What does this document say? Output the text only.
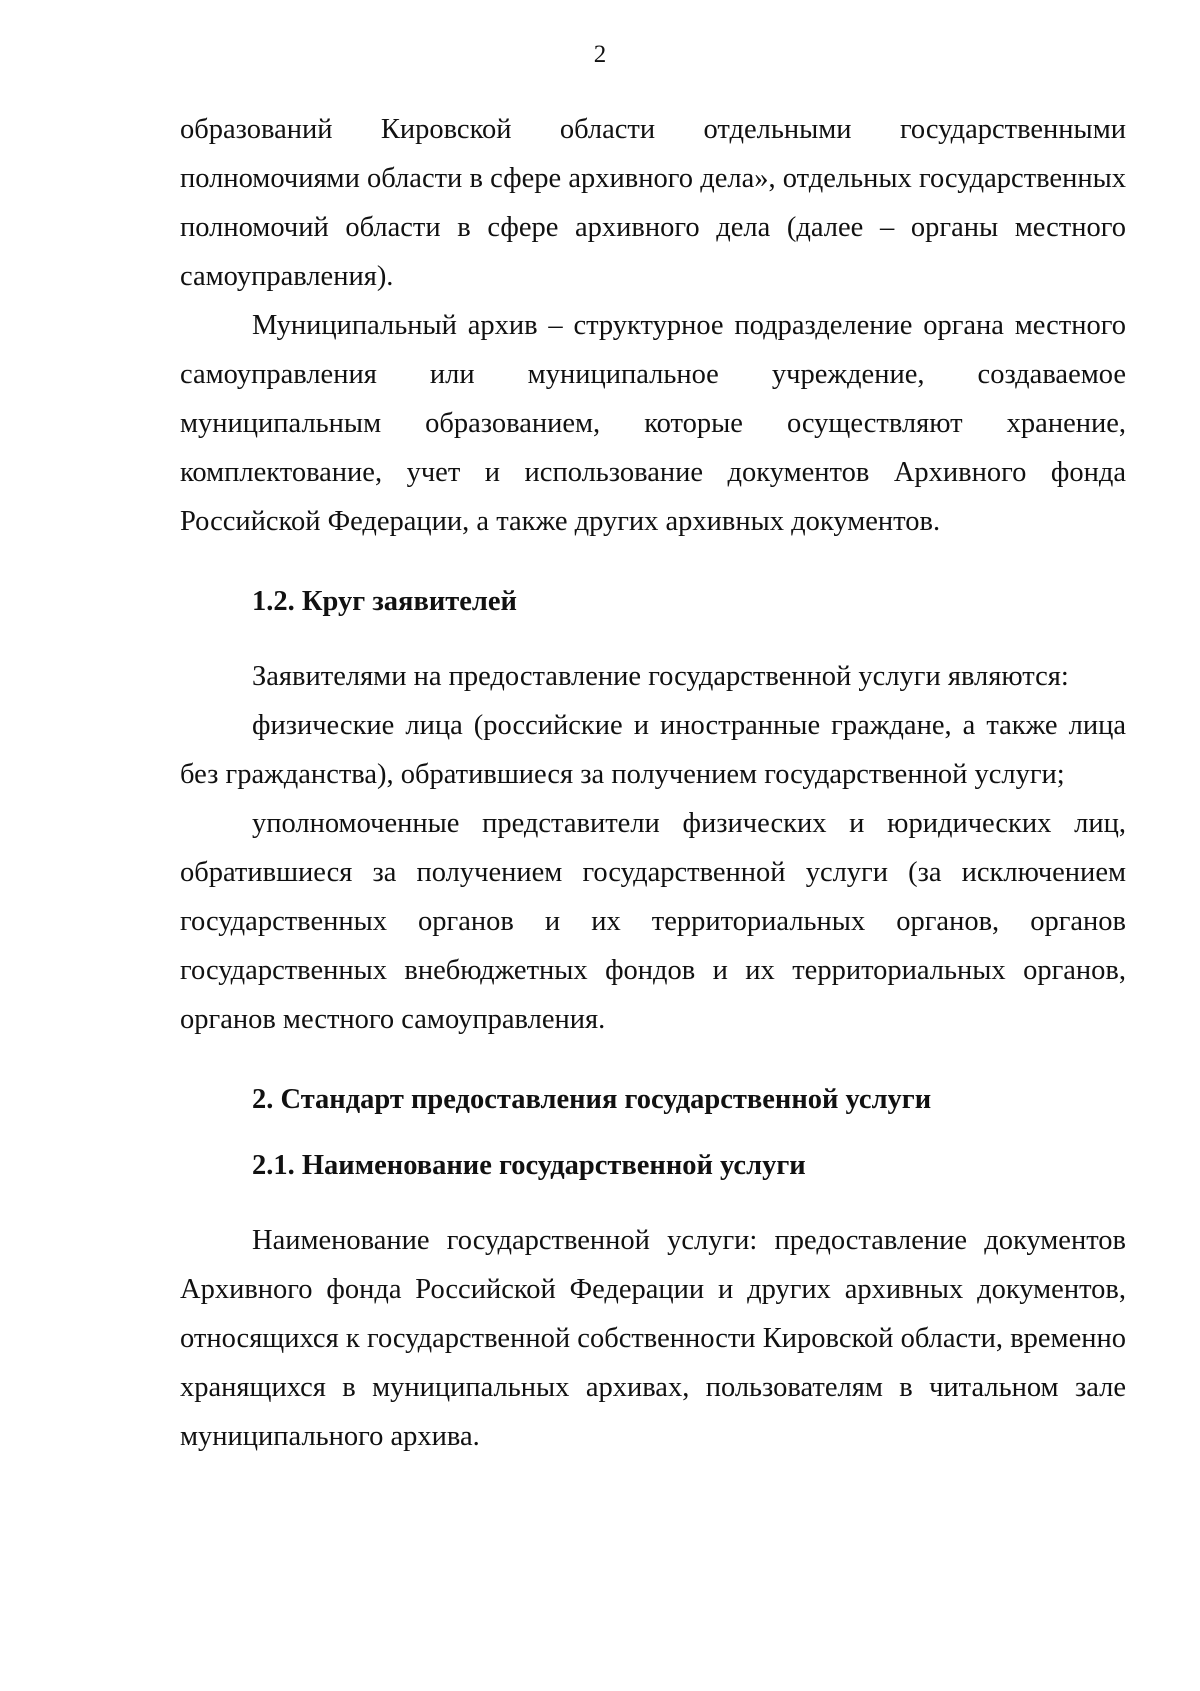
2

образований Кировской области отдельными государственными полномочиями области в сфере архивного дела», отдельных государственных полномочий области в сфере архивного дела (далее – органы местного самоуправления).

Муниципальный архив – структурное подразделение органа местного самоуправления или муниципальное учреждение, создаваемое муниципальным образованием, которые осуществляют хранение, комплектование, учет и использование документов Архивного фонда Российской Федерации, а также других архивных документов.

1.2. Круг заявителей

Заявителями на предоставление государственной услуги являются:

физические лица (российские и иностранные граждане, а также лица без гражданства), обратившиеся за получением государственной услуги;

уполномоченные представители физических и юридических лиц, обратившиеся за получением государственной услуги (за исключением государственных органов и их территориальных органов, органов государственных внебюджетных фондов и их территориальных органов, органов местного самоуправления.

2. Стандарт предоставления государственной услуги
2.1. Наименование государственной услуги

Наименование государственной услуги: предоставление документов Архивного фонда Российской Федерации и других архивных документов, относящихся к государственной собственности Кировской области, временно хранящихся в муниципальных архивах, пользователям в читальном зале муниципального архива.
